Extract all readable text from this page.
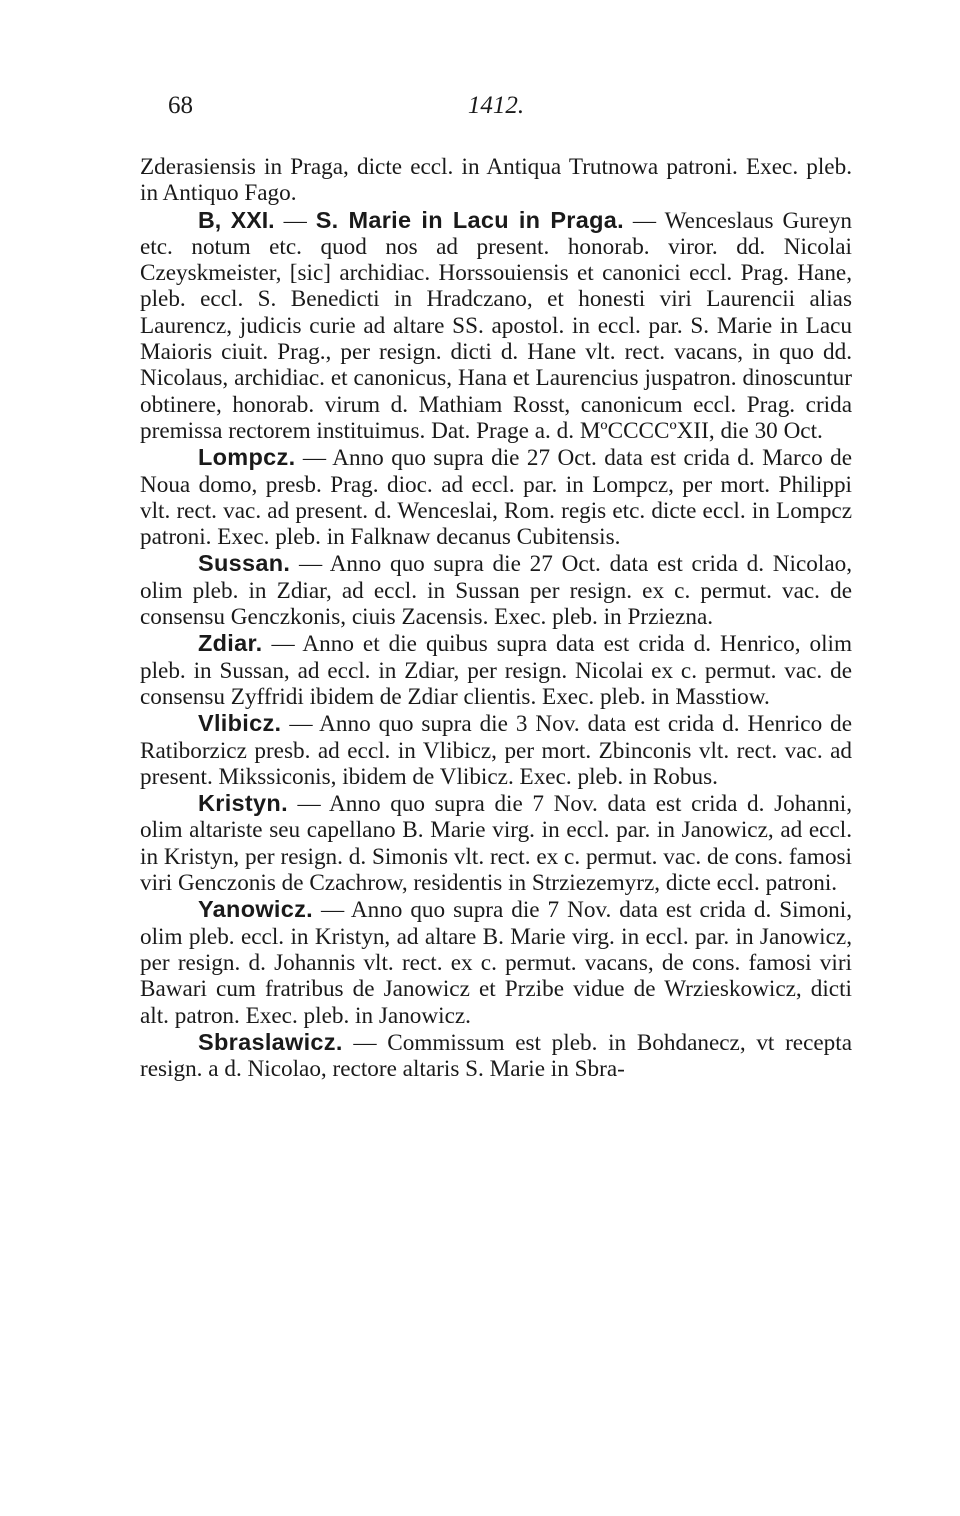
68	1412.

Zderasiensis in Praga, dicte eccl. in Antiqua Trutnowa patroni. Exec. pleb. in Antiquo Fago.

B, XXI. — S. Marie in Lacu in Praga. — Wenceslaus Gureyn etc. notum etc. quod nos ad present. honorab. viror. dd. Nicolai Czeyskmeister, [sic] archidiac. Horssouiensis et canonici eccl. Prag. Hane, pleb. eccl. S. Benedicti in Hradczano, et honesti viri Laurencii alias Laurencz, judicis curie ad altare SS. apostol. in eccl. par. S. Marie in Lacu Maioris ciuit. Prag., per resign. dicti d. Hane vlt. rect. vacans, in quo dd. Nicolaus, archidiac. et canonicus, Hana et Laurencius juspatron. dinoscuntur obtinere, honorab. virum d. Mathiam Rosst, canonicum eccl. Prag. crida premissa rectorem instituimus. Dat. Prage a. d. MºCCCCºXII, die 30 Oct.

Lompcz. — Anno quo supra die 27 Oct. data est crida d. Marco de Noua domo, presb. Prag. dioc. ad eccl. par. in Lompcz, per mort. Philippi vlt. rect. vac. ad present. d. Wenceslai, Rom. regis etc. dicte eccl. in Lompcz patroni. Exec. pleb. in Falknaw decanus Cubitensis.

Sussan. — Anno quo supra die 27 Oct. data est crida d. Nicolao, olim pleb. in Zdiar, ad eccl. in Sussan per resign. ex c. permut. vac. de consensu Genczkonis, ciuis Zacensis. Exec. pleb. in Prziezna.

Zdiar. — Anno et die quibus supra data est crida d. Henrico, olim pleb. in Sussan, ad eccl. in Zdiar, per resign. Nicolai ex c. permut. vac. de consensu Zyffridi ibidem de Zdiar clientis. Exec. pleb. in Masstiow.

Vlibicz. — Anno quo supra die 3 Nov. data est crida d. Henrico de Ratiborzicz presb. ad eccl. in Vlibicz, per mort. Zbinconis vlt. rect. vac. ad present. Mikssiconis, ibidem de Vlibicz. Exec. pleb. in Robus.

Kristyn. — Anno quo supra die 7 Nov. data est crida d. Johanni, olim altariste seu capellano B. Marie virg. in eccl. par. in Janowicz, ad eccl. in Kristyn, per resign. d. Simonis vlt. rect. ex c. permut. vac. de cons. famosi viri Genczonis de Czachrow, residentis in Strziezemyrz, dicte eccl. patroni.

Yanowicz. — Anno quo supra die 7 Nov. data est crida d. Simoni, olim pleb. eccl. in Kristyn, ad altare B. Marie virg. in eccl. par. in Janowicz, per resign. d. Johannis vlt. rect. ex c. permut. vacans, de cons. famosi viri Bawari cum fratribus de Janowicz et Przibe vidue de Wrzieskowicz, dicti alt. patron. Exec. pleb. in Janowicz.

Sbraslawicz. — Commissum est pleb. in Bohdanecz, vt recepta resign. a d. Nicolao, rectore altaris S. Marie in Sbra-
